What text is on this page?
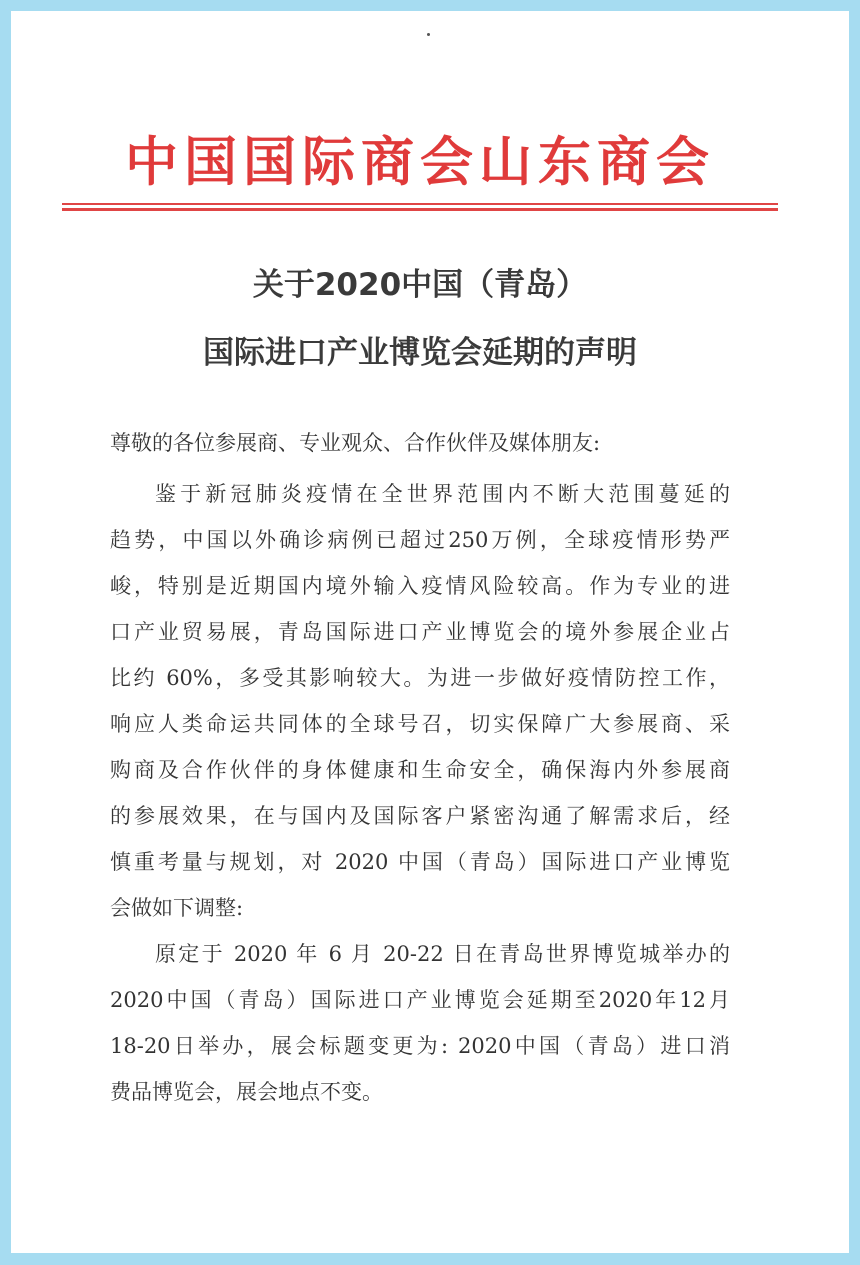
中国国际商会山东商会
关于2020中国（青岛）
国际进口产业博览会延期的声明
尊敬的各位参展商、专业观众、合作伙伴及媒体朋友:
鉴于新冠肺炎疫情在全世界范围内不断大范围蔓延的
趋势，中国以外确诊病例已超过250万例，全球疫情形势严
峻，特别是近期国内境外输入疫情风险较高。作为专业的进
口产业贸易展，青岛国际进口产业博览会的境外参展企业占
比约 60%，多受其影响较大。为进一步做好疫情防控工作，
响应人类命运共同体的全球号召，切实保障广大参展商、采
购商及合作伙伴的身体健康和生命安全，确保海内外参展商
的参展效果，在与国内及国际客户紧密沟通了解需求后，经
慎重考量与规划，对 2020 中国（青岛）国际进口产业博览
会做如下调整:
原定于 2020 年 6 月 20-22 日在青岛世界博览城举办的
2020中国（青岛）国际进口产业博览会延期至2020年12月
18-20日举办，展会标题变更为: 2020中国（青岛）进口消
费品博览会，展会地点不变。
